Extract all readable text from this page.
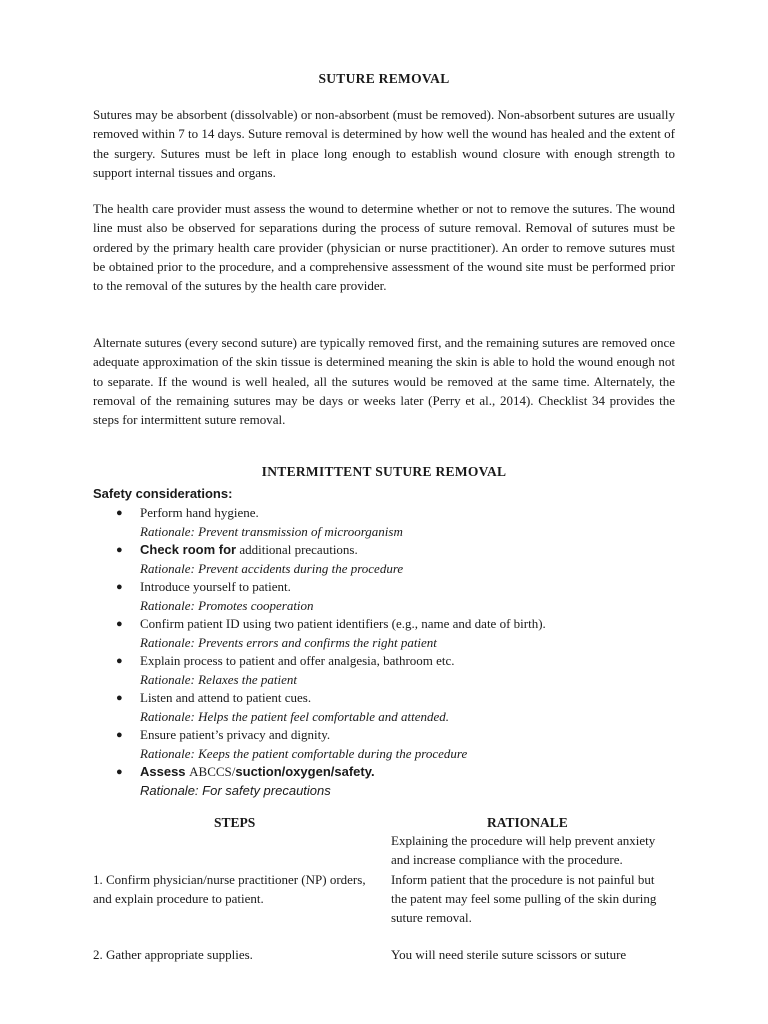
SUTURE REMOVAL

Sutures may be absorbent (dissolvable) or non-absorbent (must be removed). Non-absorbent sutures are usually removed within 7 to 14 days. Suture removal is determined by how well the wound has healed and the extent of the surgery. Sutures must be left in place long enough to establish wound closure with enough strength to support internal tissues and organs.

The health care provider must assess the wound to determine whether or not to remove the sutures. The wound line must also be observed for separations during the process of suture removal. Removal of sutures must be ordered by the primary health care provider (physician or nurse practitioner). An order to remove sutures must be obtained prior to the procedure, and a comprehensive assessment of the wound site must be performed prior to the removal of the sutures by the health care provider.

Alternate sutures (every second suture) are typically removed first, and the remaining sutures are removed once adequate approximation of the skin tissue is determined meaning the skin is able to hold the wound enough not to separate. If the wound is well healed, all the sutures would be removed at the same time. Alternately, the removal of the remaining sutures may be days or weeks later (Perry et al., 2014). Checklist 34 provides the steps for intermittent suture removal.

INTERMITTENT SUTURE REMOVAL
Safety considerations:
● Perform hand hygiene.
Rationale: Prevent transmission of microorganism
● Check room for additional precautions.
Rationale: Prevent accidents during the procedure
● Introduce yourself to patient.
Rationale: Promotes cooperation
● Confirm patient ID using two patient identifiers (e.g., name and date of birth).
Rationale: Prevents errors and confirms the right patient
● Explain process to patient and offer analgesia, bathroom etc.
Rationale: Relaxes the patient
● Listen and attend to patient cues.
Rationale: Helps the patient feel comfortable and attended.
● Ensure patient’s privacy and dignity.
Rationale: Keeps the patient comfortable during the procedure
● Assess ABCCS/suction/oxygen/safety.
Rationale: For safety precautions
STEPS	RATIONALE
1. Confirm physician/nurse practitioner (NP) orders, and explain procedure to patient.
Explaining the procedure will help prevent anxiety and increase compliance with the procedure.
Inform patient that the procedure is not painful but the patent may feel some pulling of the skin during suture removal.
2. Gather appropriate supplies.	You will need sterile suture scissors or suture
